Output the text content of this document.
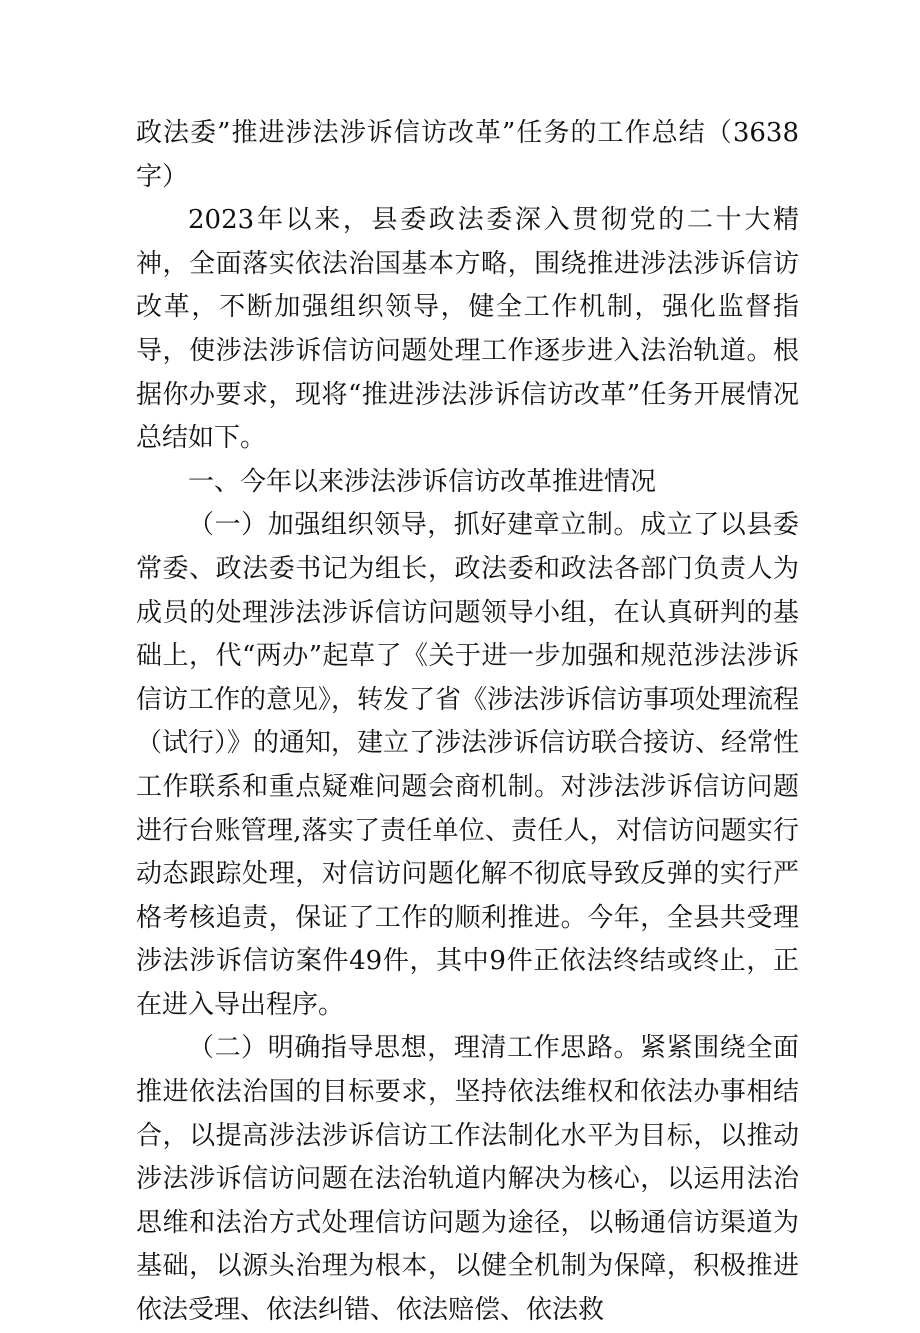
政法委”推进涉法涉诉信访改革”任务的工作总结（3638字）

2023年以来，县委政法委深入贯彻党的二十大精神，全面落实依法治国基本方略，围绕推进涉法涉诉信访改革，不断加强组织领导，健全工作机制，强化监督指导，使涉法涉诉信访问题处理工作逐步进入法治轨道。根据你办要求，现将“推进涉法涉诉信访改革”任务开展情况总结如下。

一、今年以来涉法涉诉信访改革推进情况

（一）加强组织领导，抓好建章立制。成立了以县委常委、政法委书记为组长，政法委和政法各部门负责人为成员的处理涉法涉诉信访问题领导小组，在认真研判的基础上，代“两办”起草了《关于进一步加强和规范涉法涉诉信访工作的意见》，转发了省《涉法涉诉信访事项处理流程（试行）》的通知，建立了涉法涉诉信访联合接访、经常性工作联系和重点疑难问题会商机制。对涉法涉诉信访问题进行台账管理,落实了责任单位、责任人，对信访问题实行动态跟踪处理，对信访问题化解不彻底导致反弹的实行严格考核追责，保证了工作的顺利推进。今年，全县共受理涉法涉诉信访案件49件，其中9件正依法终结或终止，正在进入导出程序。

（二）明确指导思想，理清工作思路。紧紧围绕全面推进依法治国的目标要求，坚持依法维权和依法办事相结合，以提高涉法涉诉信访工作法制化水平为目标，以推动涉法涉诉信访问题在法治轨道内解决为核心，以运用法治思维和法治方式处理信访问题为途径，以畅通信访渠道为基础，以源头治理为根本，以健全机制为保障，积极推进依法受理、依法纠错、依法赔偿、依法救
